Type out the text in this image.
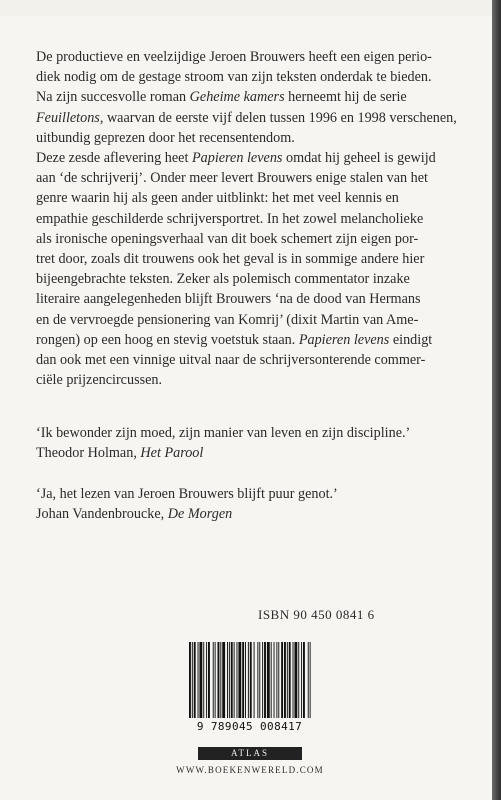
De productieve en veelzijdige Jeroen Brouwers heeft een eigen perio-
diek nodig om de gestage stroom van zijn teksten onderdak te bieden.
Na zijn succesvolle roman Geheime kamers herneemt hij de serie
Feuilletons, waarvan de eerste vijf delen tussen 1996 en 1998 verschenen,
uitbundig geprezen door het recensentendom.
Deze zesde aflevering heet Papieren levens omdat hij geheel is gewijd
aan ‘de schrijverij’. Onder meer levert Brouwers enige stalen van het
genre waarin hij als geen ander uitblinkt: het met veel kennis en
empathie geschilderde schrijversportret. In het zowel melancholieke
als ironische openingsverhaal van dit boek schemert zijn eigen por-
tret door, zoals dit trouwens ook het geval is in sommige andere hier
bijeengebrachte teksten. Zeker als polemisch commentator inzake
literaire aangelegenheden blijft Brouwers ‘na de dood van Hermans
en de vervroegde pensionering van Komrij’ (dixit Martin van Ame-
rongen) op een hoog en stevig voetstuk staan. Papieren levens eindigt
dan ook met een vinnige uitval naar de schrijversonterende commer-
ciële prijzencircussen.
‘Ik bewonder zijn moed, zijn manier van leven en zijn discipline.’
Theodor Holman, Het Parool
‘Ja, het lezen van Jeroen Brouwers blijft puur genot.’
Johan Vandenbroucke, De Morgen
ISBN 90 450 0841 6
9 789045 008417
ATLAS
WWW.BOEKENWERELD.COM
